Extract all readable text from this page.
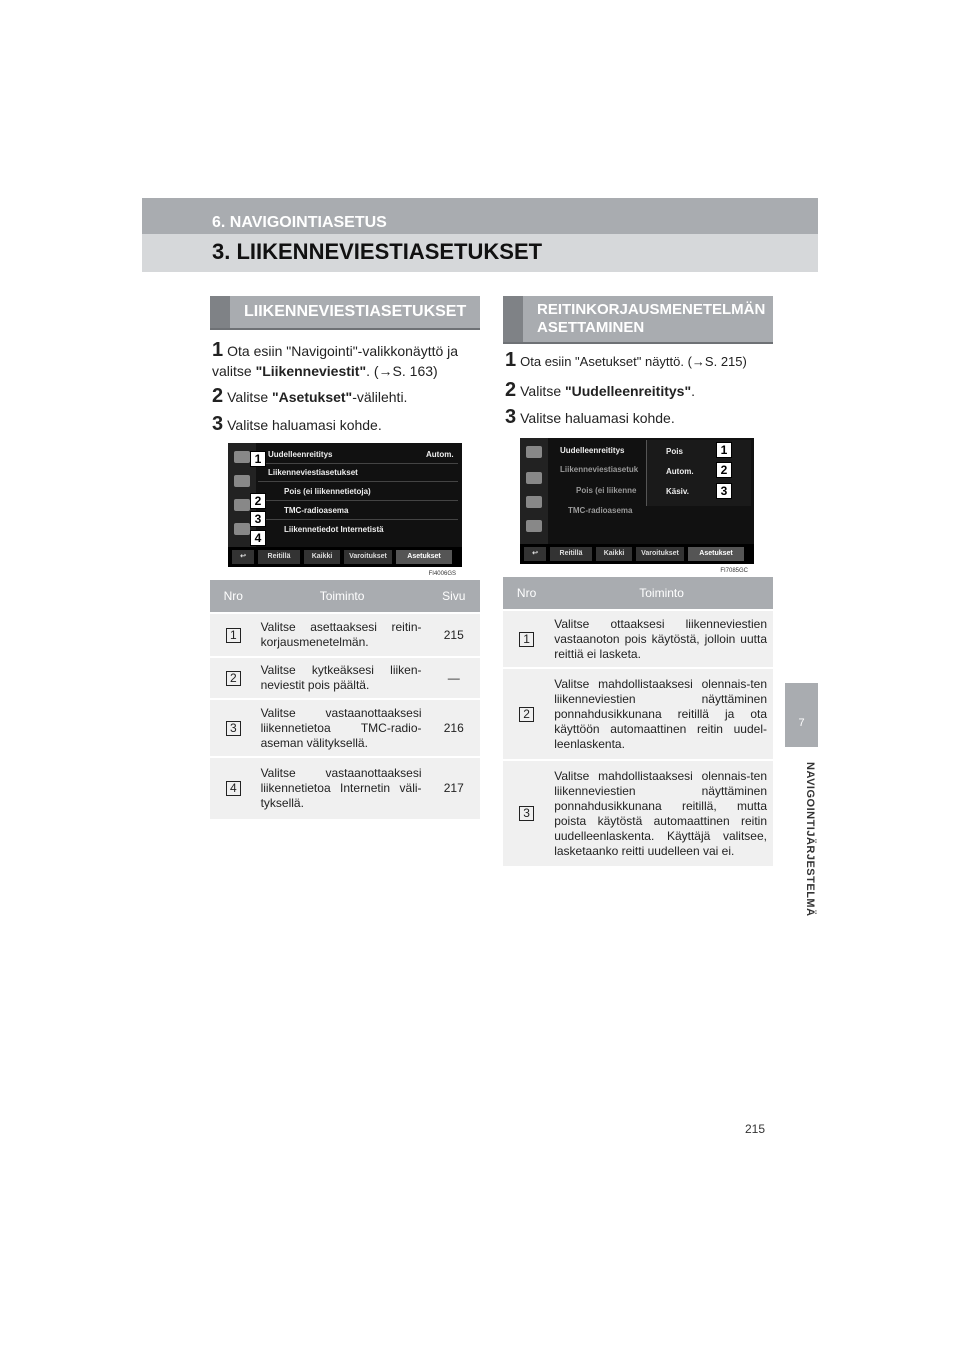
6. NAVIGOINTIASETUS
3. LIIKENNEVIESTIASETUKSET
7
NAVIGOINTIJÄRJESTELMÄ
LIIKENNEVIESTIASETUKSET
1 Ota esiin "Navigointi"-valikkonäyttö ja valitse "Liikenneviestit". (→S. 163)
2 Valitse "Asetukset"-välilehti.
3 Valitse haluamasi kohde.
Uudelleenreititys	Autom.
Liikenneviestiasetukset
Pois (ei liikennetietoja)
TMC-radioasema
Liikennetiedot Internetistä
↩	Reitillä	Kaikki	Varoitukset	Asetukset
1
2
3
4
FI4006GS
Nro	Toiminto	Sivu
1	Valitse asettaaksesi reitin-korjausmenetelmän.	215
2	Valitse kytkeäksesi liiken-neviestit pois päältä.	—
3	Valitse vastaanottaaksesi liikennetietoa TMC-radio-aseman välityksellä.	216
4	Valitse vastaanottaaksesi liikennetietoa Internetin väli-tyksellä.	217
REITINKORJAUSMENETELMÄN
ASETTAMINEN
1 Ota esiin "Asetukset" näyttö. (→S. 215)
2 Valitse "Uudelleenreititys".
3 Valitse haluamasi kohde.
Uudelleenreititys
Liikenneviestiasetuk
Pois (ei liikenne
TMC-radioasema
Pois
Autom.
Käsiv.
↩	Reitillä	Kaikki	Varoitukset	Asetukset
1
2
3
FI7085GC
Nro	Toiminto
1	Valitse ottaaksesi liikenneviestien vastaanoton pois käytöstä, jolloin uutta reittiä ei lasketa.
2	Valitse mahdollistaaksesi olennais-ten liikenneviestien näyttäminen ponnahdusikkunana reitillä ja ota käyttöön automaattinen reitin uudel-leenlaskenta.
3	Valitse mahdollistaaksesi olennais-ten liikenneviestien näyttäminen ponnahdusikkunana reitillä, mutta poista käytöstä automaattinen reitin uudelleenlaskenta. Käyttäjä valitsee, lasketaanko reitti uudelleen vai ei.
215
